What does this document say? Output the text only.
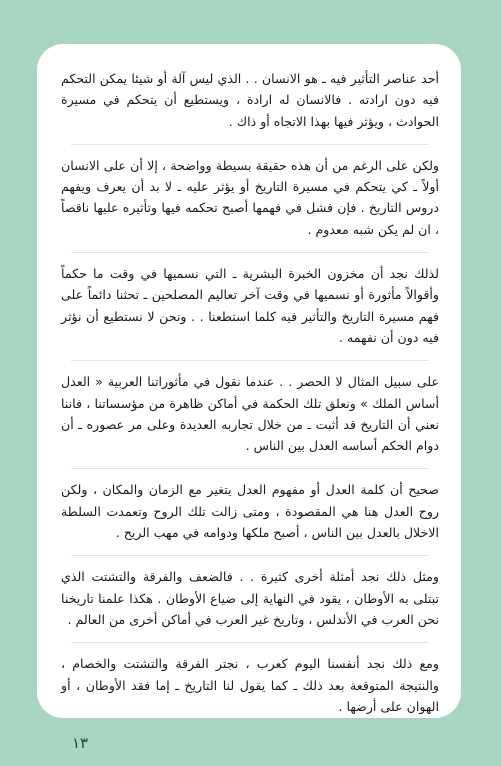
أحد عناصر التأثير فيه ـ هو الانسان . . الذي ليس آلة أو شيئا يمكن التحكم فيه دون ارادته . فالانسان له ارادة ، ويستطيع أن يتحكم في مسيرة الحوادث ، ويؤثر فيها بهذا الاتجاه أو ذاك .

ولكن على الرغم من أن هذه حقيقة بسيطة وواضحة ، إلا أن على الانسان أولاً ـ كي يتحكم في مسيرة التاريخ أو يؤثر عليه ـ لا بد أن يعرف ويفهم دروس التاريخ . فإن فشل في فهمها أصبح تحكمه فيها وتأثيره عليها ناقصاً ، ان لم يكن شبه معدوم .

لذلك نجد أن مخزون الخبرة البشرية ـ التي نسميها في وقت ما حكماً وأقوالاً مأثورة أو نسميها في وقت آخر تعاليم المصلحين ـ تحثنا دائماً على فهم مسيرة التاريخ والتأثير فيه كلما استطعنا . . ونحن لا نستطيع أن نؤثر فيه دون أن نفهمه .

على سبيل المثال لا الحصر . . عندما نقول في مأثوراتنا العربية « العدل أساس الملك » ونعلق تلك الحكمة في أماكن ظاهرة من مؤسساتنا ، فاننا نعني أن التاريخ قد أثبت ـ من خلال تجاربه العديدة وعلى مر عصوره ـ أن دوام الحكم أساسه العدل بين الناس .

صحيح أن كلمة العدل أو مفهوم العدل يتغير مع الزمان والمكان ، ولكن روح العدل هنا هي المقصودة ، ومتى زالت تلك الروح وتعمدت السلطة الاخلال بالعدل بين الناس ، أصبح ملكها ودوامه في مهب الريح .

ومثل ذلك نجد أمثلة أخرى كثيرة . . فالضعف والفرقة والتشتت الذي تبتلى به الأوطان ، يقود في النهاية إلى ضياع الأوطان . هكذا علمنا تاريخنا نحن العرب في الأندلس ، وتاريخ غير العرب في أماكن أخرى من العالم .

ومع ذلك نجد أنفسنا اليوم كعرب ، نجتر الفرقة والتشتت والخصام ، والنتيجة المتوقعة بعد ذلك ـ كما يقول لنا التاريخ ـ إما فقد الأوطان ، أو الهوان على أرضها .

١٣
